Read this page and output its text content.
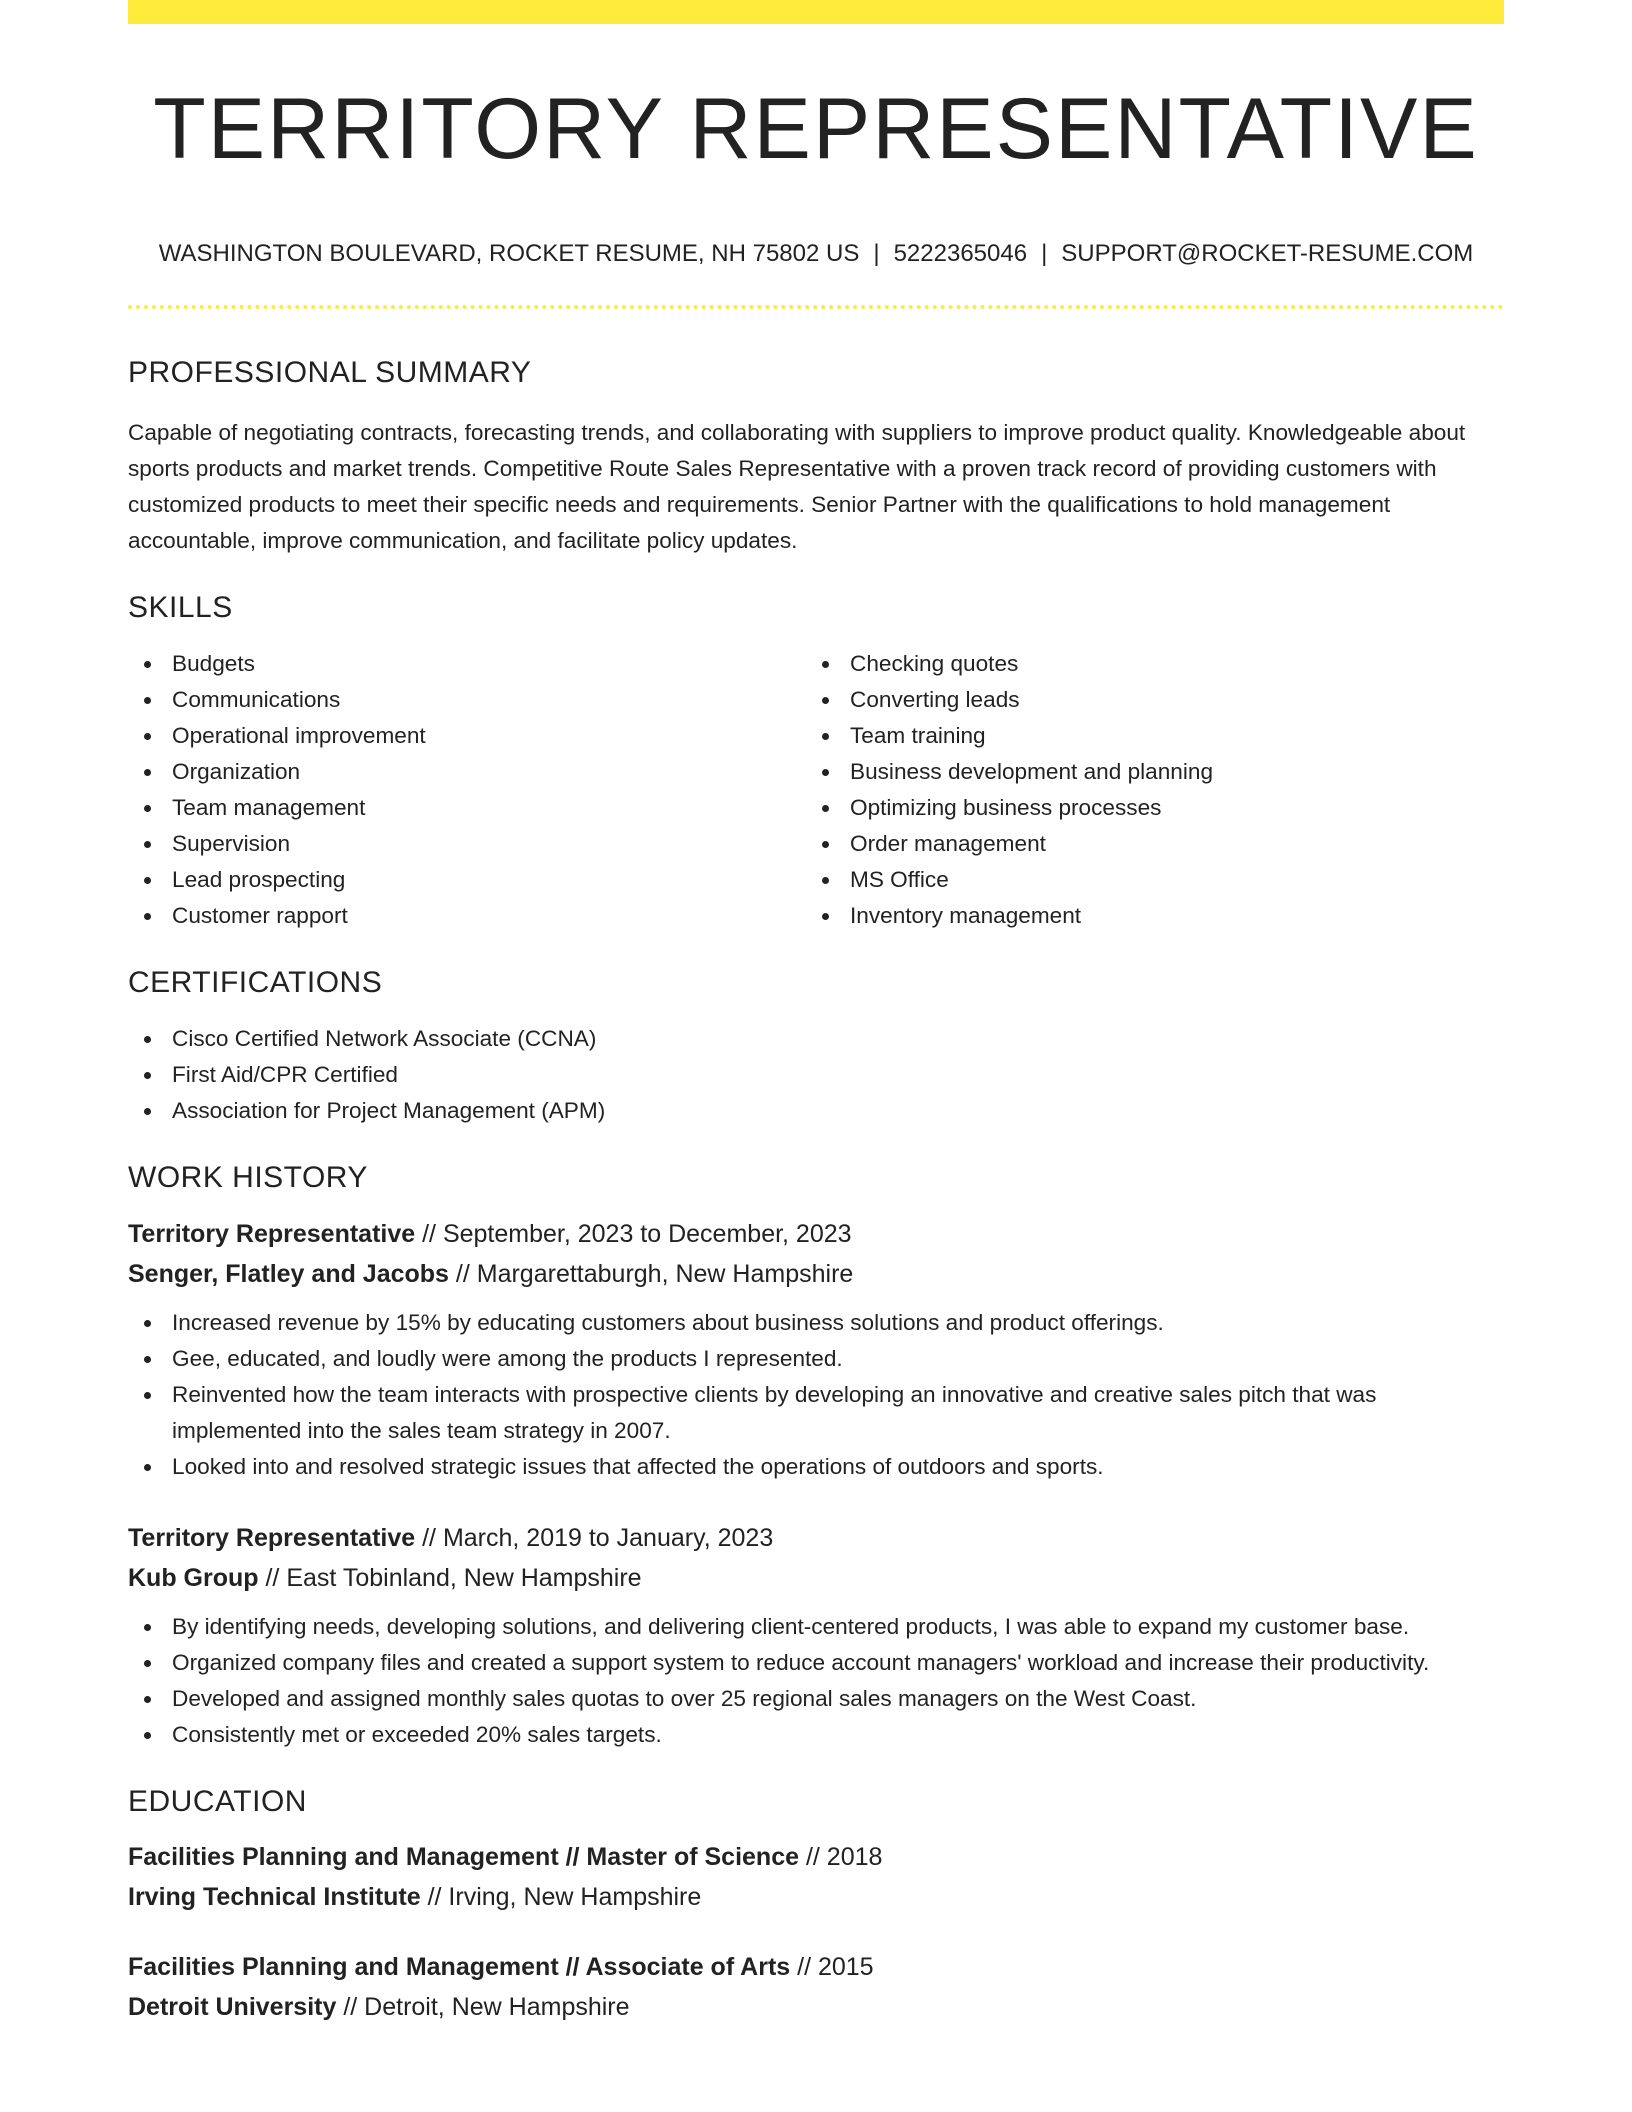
TERRITORY REPRESENTATIVE
WASHINGTON BOULEVARD, ROCKET RESUME, NH 75802 US | 5222365046 | SUPPORT@ROCKET-RESUME.COM
PROFESSIONAL SUMMARY

Capable of negotiating contracts, forecasting trends, and collaborating with suppliers to improve product quality. Knowledgeable about sports products and market trends. Competitive Route Sales Representative with a proven track record of providing customers with customized products to meet their specific needs and requirements. Senior Partner with the qualifications to hold management accountable, improve communication, and facilitate policy updates.

SKILLS
Budgets
Communications
Operational improvement
Organization
Team management
Supervision
Lead prospecting
Customer rapport
Checking quotes
Converting leads
Team training
Business development and planning
Optimizing business processes
Order management
MS Office
Inventory management
CERTIFICATIONS
Cisco Certified Network Associate (CCNA)
First Aid/CPR Certified
Association for Project Management (APM)
WORK HISTORY
Territory Representative // September, 2023 to December, 2023
Senger, Flatley and Jacobs // Margarettaburgh, New Hampshire
Increased revenue by 15% by educating customers about business solutions and product offerings.
Gee, educated, and loudly were among the products I represented.
Reinvented how the team interacts with prospective clients by developing an innovative and creative sales pitch that was implemented into the sales team strategy in 2007.
Looked into and resolved strategic issues that affected the operations of outdoors and sports.
Territory Representative // March, 2019 to January, 2023
Kub Group // East Tobinland, New Hampshire
By identifying needs, developing solutions, and delivering client-centered products, I was able to expand my customer base.
Organized company files and created a support system to reduce account managers' workload and increase their productivity.
Developed and assigned monthly sales quotas to over 25 regional sales managers on the West Coast.
Consistently met or exceeded 20% sales targets.
EDUCATION
Facilities Planning and Management // Master of Science // 2018
Irving Technical Institute // Irving, New Hampshire
Facilities Planning and Management // Associate of Arts // 2015
Detroit University // Detroit, New Hampshire
